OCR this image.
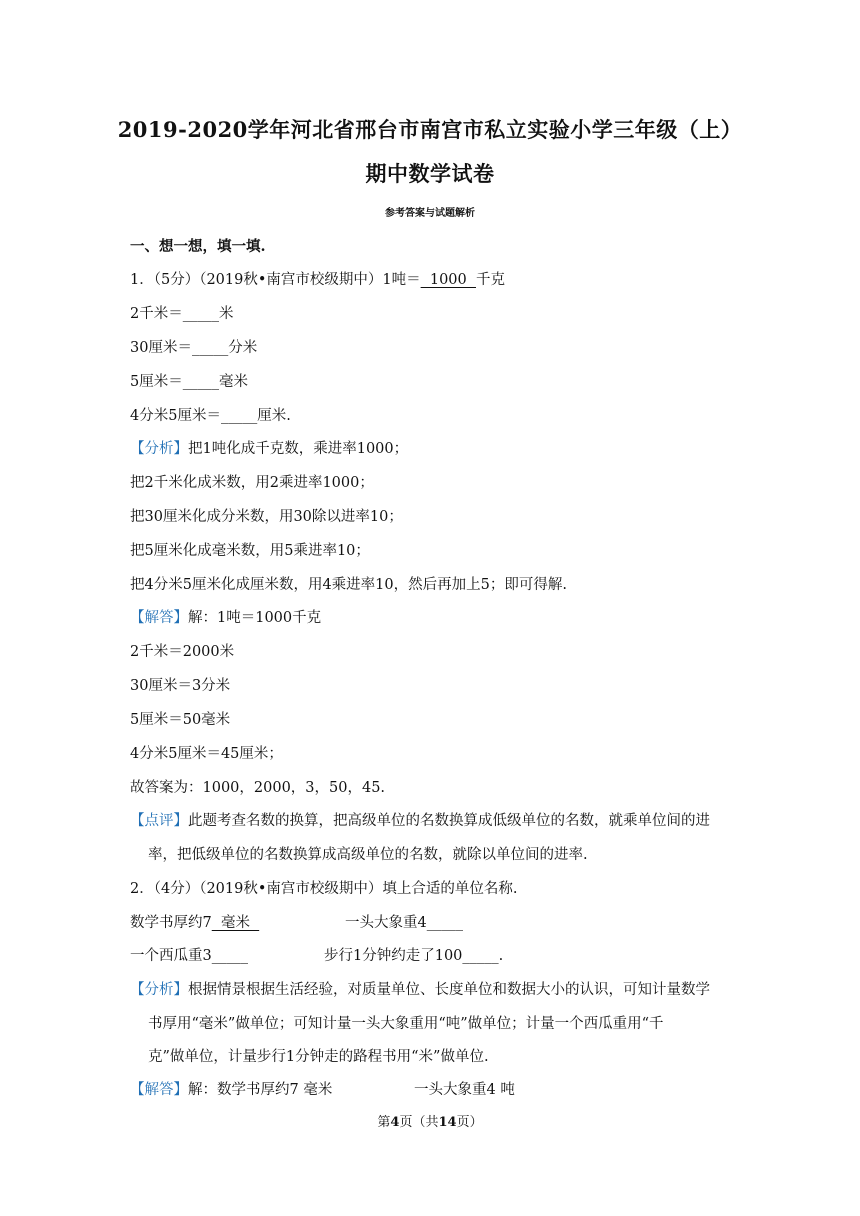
2019-2020学年河北省邢台市南宫市私立实验小学三年级（上）
期中数学试卷
参考答案与试题解析
一、想一想，填一填.
1．（5分）（2019秋•南宫市校级期中）1吨＝  1000  千克
2千米＝_____米
30厘米＝_____分米
5厘米＝_____毫米
4分米5厘米＝_____厘米.
【分析】把1吨化成千克数，乘进率1000；
把2千米化成米数，用2乘进率1000；
把30厘米化成分米数，用30除以进率10；
把5厘米化成毫米数，用5乘进率10；
把4分米5厘米化成厘米数，用4乘进率10，然后再加上5；即可得解.
【解答】解：1吨＝1000千克
2千米＝2000米
30厘米＝3分米
5厘米＝50毫米
4分米5厘米＝45厘米；
故答案为：1000，2000，3，50，45.
【点评】此题考查名数的换算，把高级单位的名数换算成低级单位的名数，就乘单位间的进
率，把低级单位的名数换算成高级单位的名数，就除以单位间的进率.
2．（4分）（2019秋•南宫市校级期中）填上合适的单位名称.
数学书厚约7  毫米	一头大象重4_____
一个西瓜重3_____	步行1分钟约走了100_____.
【分析】根据情景根据生活经验，对质量单位、长度单位和数据大小的认识，可知计量数学
书厚用“毫米”做单位；可知计量一头大象重用“吨”做单位；计量一个西瓜重用“千
克”做单位，计量步行1分钟走的路程书用“米”做单位.
【解答】解：数学书厚约7 毫米	一头大象重4 吨
第4页（共14页）
